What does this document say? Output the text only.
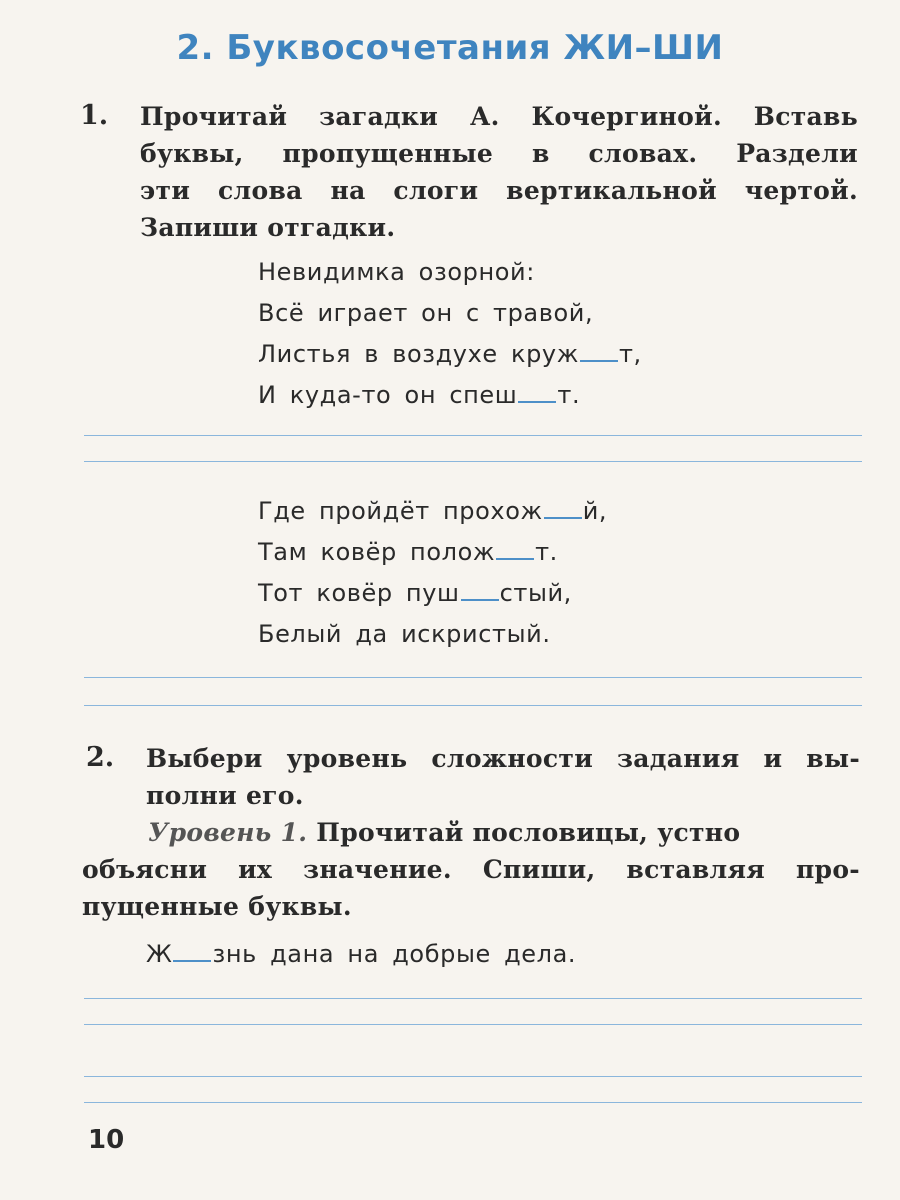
2. Буквосочетания ЖИ–ШИ
1. Прочитай загадки А. Кочергиной. Вставь
буквы, пропущенные в словах. Раздели
эти слова на слоги вертикальной чертой.
Запиши отгадки.
Невидимка озорной:
Всё играет он с травой,
Листья в воздухе круж т,
И куда-то он спеш т.
Где пройдёт прохож й,
Там ковёр полож т.
Тот ковёр пуш стый,
Белый да искристый.
2. Выбери уровень сложности задания и вы-
полни его.
Уровень 1. Прочитай пословицы, устно
объясни их значение. Спиши, вставляя про-
пущенные буквы.
Ж знь дана на добрые дела.
10
